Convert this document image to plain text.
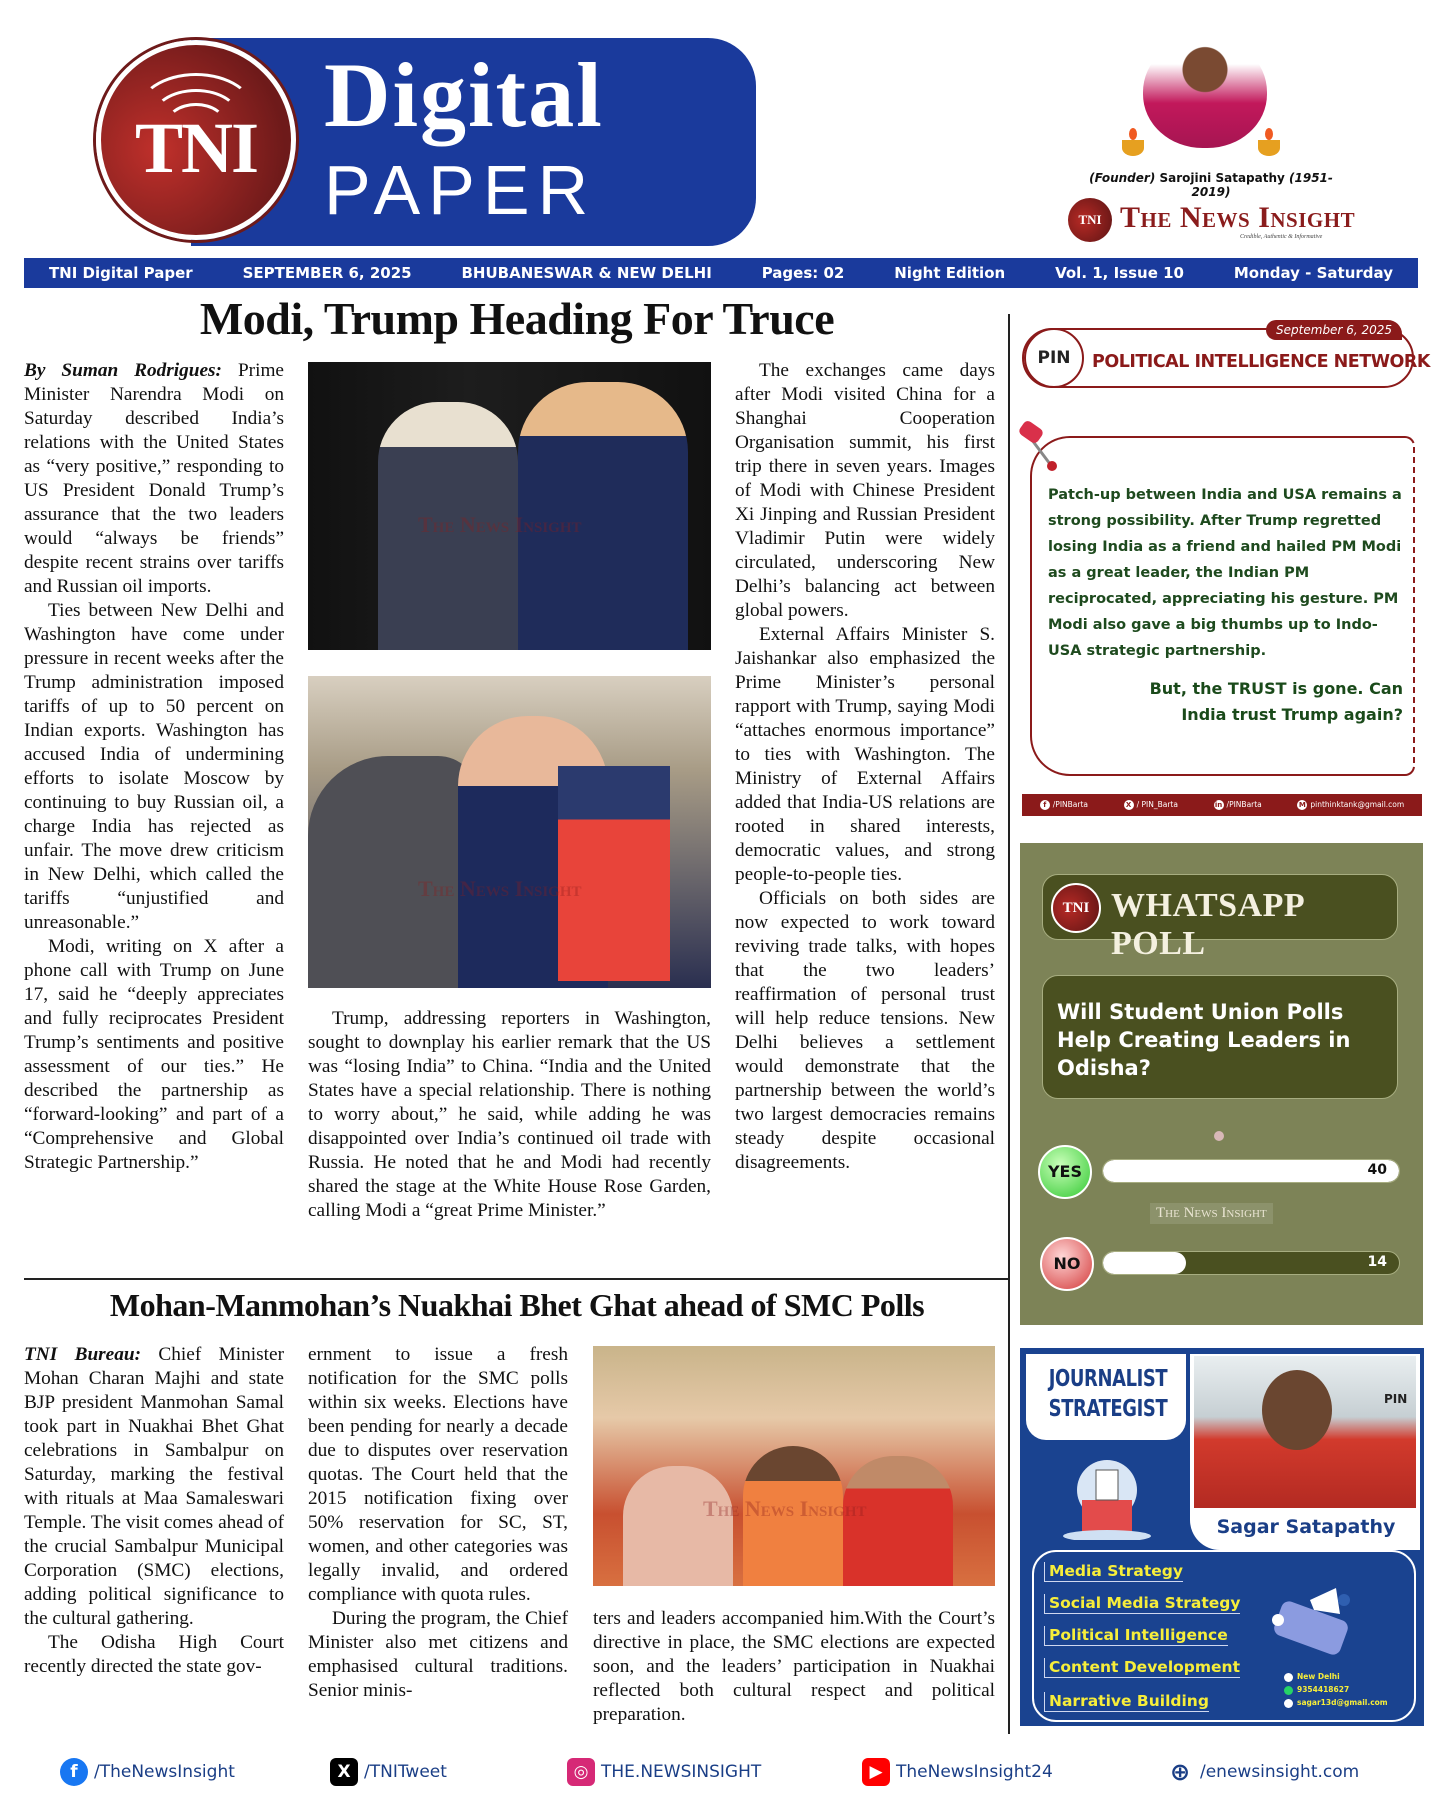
TNI
Digital
PAPER	(Founder) Sarojini Satapathy (1951-2019)
TNI The News Insight
Credible, Authentic & Informative
TNI Digital Paper	SEPTEMBER 6, 2025	BHUBANESWAR & NEW DELHI	Pages: 02	Night Edition	Vol. 1, Issue 10	Monday - Saturday
Modi, Trump Heading For Truce

By Suman Rodrigues: Prime Minister Narendra Modi on Saturday described India’s relations with the United States as “very positive,” responding to US President Donald Trump’s assurance that the two leaders would “always be friends” despite recent strains over tariffs and Russian oil imports.

Ties between New Delhi and Washington have come under pressure in recent weeks after the Trump administration imposed tariffs of up to 50 percent on Indian exports. Washington has accused India of undermining efforts to isolate Moscow by continuing to buy Russian oil, a charge India has rejected as unfair. The move drew criticism in New Delhi, which called the tariffs “unjustified and unreasonable.”

Modi, writing on X after a phone call with Trump on June 17, said he “deeply appreciates and fully reciprocates President Trump’s sentiments and positive assessment of our ties.” He described the partnership as “forward-looking” and part of a “Comprehensive and Global Strategic Partnership.”

The News Insight
The News Insight

Trump, addressing reporters in Washington, sought to downplay his earlier remark that the US was “losing India” to China. “India and the United States have a special relationship. There is nothing to worry about,” he said, while adding he was disappointed over India’s continued oil trade with Russia. He noted that he and Modi had recently shared the stage at the White House Rose Garden, calling Modi a “great Prime Minister.”

The exchanges came days after Modi visited China for a Shanghai Cooperation Organisation summit, his first trip there in seven years. Images of Modi with Chinese President Xi Jinping and Russian President Vladimir Putin were widely circulated, underscoring New Delhi’s balancing act between global powers.

External Affairs Minister S. Jaishankar also emphasized the Prime Minister’s personal rapport with Trump, saying Modi “attaches enormous importance” to ties with Washington. The Ministry of External Affairs added that India-US relations are rooted in shared interests, democratic values, and strong people-to-people ties.

Officials on both sides are now expected to work toward reviving trade talks, with hopes that the two leaders’ reaffirmation of personal trust will help reduce tensions. New Delhi believes a settlement would demonstrate that the partnership between the world’s two largest democracies remains steady despite occasional disagreements.

Mohan-Manmohan’s Nuakhai Bhet Ghat ahead of SMC Polls

TNI Bureau: Chief Minister Mohan Charan Majhi and state BJP president Manmohan Samal took part in Nuakhai Bhet Ghat celebrations in Sambalpur on Saturday, marking the festival with rituals at Maa Samaleswari Temple. The visit comes ahead of the crucial Sambalpur Municipal Corporation (SMC) elections, adding political significance to the cultural gathering.

The Odisha High Court recently directed the state gov-

ernment to issue a fresh notification for the SMC polls within six weeks. Elections have been pending for nearly a decade due to disputes over reservation quotas. The Court held that the 2015 notification fixing over 50% reservation for SC, ST, women, and other categories was legally invalid, and ordered compliance with quota rules.

During the program, the Chief Minister also met citizens and emphasised cultural traditions. Senior minis-

The News Insight

ters and leaders accompanied him.With the Court’s directive in place, the SMC elections are expected soon, and the leaders’ participation in Nuakhai reflected both cultural respect and political preparation.

PIN
September 6, 2025
POLITICAL INTELLIGENCE NETWORK
Patch-up between India and USA remains a strong possibility. After Trump regretted losing India as a friend and hailed PM Modi as a great leader, the Indian PM reciprocated, appreciating his gesture. PM Modi also gave a big thumbs up to Indo-USA strategic partnership.
But, the TRUST is gone. Can India trust Trump again?
f /PINBarta	X / PIN_Barta	in /PINBarta	M pinthinktank@gmail.com
TNI WHATSAPP POLL
Will Student Union Polls Help Creating Leaders in Odisha?
YES	40
The News Insight
NO	14
JOURNALIST
STRATEGIST	PIN
Sagar Satapathy
Media Strategy
Social Media Strategy
Political Intelligence
Content Development
Narrative Building
New Delhi
9354418627
sagar13d@gmail.com
f /TheNewsInsight	X /TNITweet	◎ THE.NEWSINSIGHT	▶ TheNewsInsight24	⊕ /enewsinsight.com
